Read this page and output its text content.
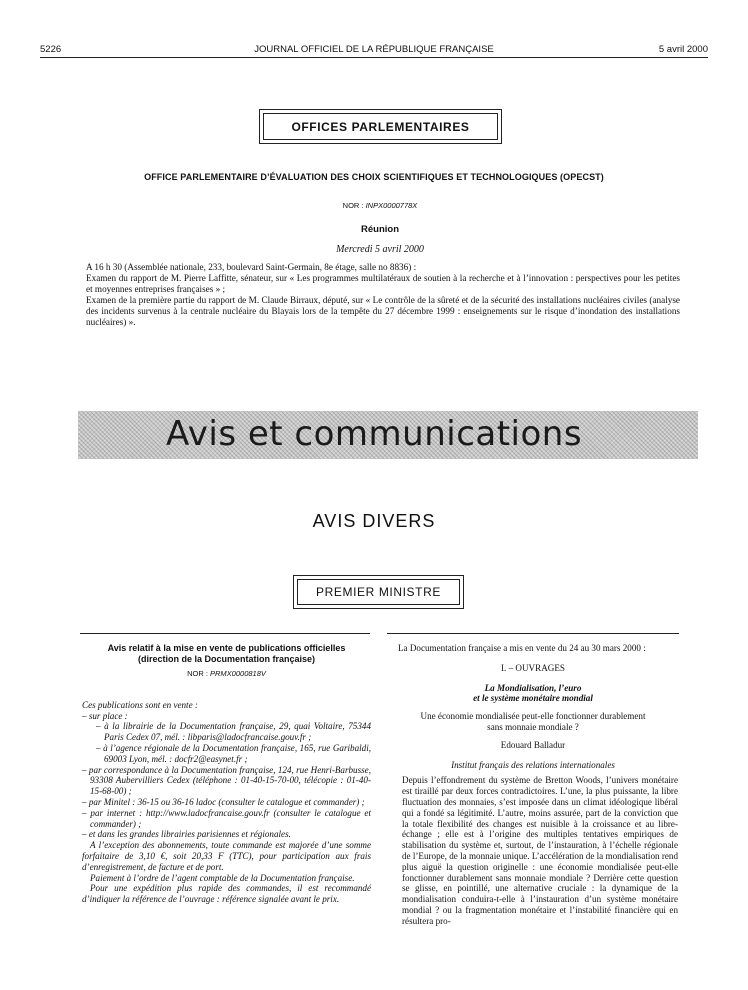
5226	JOURNAL OFFICIEL DE LA RÉPUBLIQUE FRANÇAISE	5 avril 2000
OFFICES PARLEMENTAIRES
OFFICE PARLEMENTAIRE D’ÉVALUATION DES CHOIX SCIENTIFIQUES ET TECHNOLOGIQUES (OPECST)
NOR : INPX0000778X
Réunion
Mercredi 5 avril 2000

A 16 h 30 (Assemblée nationale, 233, boulevard Saint-Germain, 8e étage, salle no 8836) :

Examen du rapport de M. Pierre Laffitte, sénateur, sur « Les programmes multilatéraux de soutien à la recherche et à l’innovation : perspectives pour les petites et moyennes entreprises françaises » ;

Examen de la première partie du rapport de M. Claude Birraux, député, sur « Le contrôle de la sûreté et de la sécurité des installations nucléaires civiles (analyse des incidents survenus à la centrale nucléaire du Blayais lors de la tempête du 27 décembre 1999 : enseignements sur le risque d’inondation des installations nucléaires) ».

Avis et communications
AVIS DIVERS
PREMIER MINISTRE
Avis relatif à la mise en vente de publications officielles
(direction de la Documentation française)
NOR : PRMX0000818V

Ces publications sont en vente :

– sur place :

– à la librairie de la Documentation française, 29, quai Voltaire, 75344 Paris Cedex 07, mél. : libparis@ladocfrancaise.gouv.fr ;

– à l’agence régionale de la Documentation française, 165, rue Garibaldi, 69003 Lyon, mél. : docfr2@easynet.fr ;

– par correspondance à la Documentation française, 124, rue Henri-Barbusse, 93308 Aubervilliers Cedex (téléphone : 01-40-15-70-00, télécopie : 01-40-15-68-00) ;

– par Minitel : 36-15 ou 36-16 ladoc (consulter le catalogue et commander) ;

– par internet : http://www.ladocfrancaise.gouv.fr (consulter le catalogue et commander) ;

– et dans les grandes librairies parisiennes et régionales.

A l’exception des abonnements, toute commande est majorée d’une somme forfaitaire de 3,10 €, soit 20,33 F (TTC), pour participation aux frais d’enregistrement, de facture et de port.

Paiement à l’ordre de l’agent comptable de la Documentation française.

Pour une expédition plus rapide des commandes, il est recommandé d’indiquer la référence de l’ouvrage : référence signalée avant le prix.

La Documentation française a mis en vente du 24 au 30 mars 2000 :

I. – OUVRAGES

La Mondialisation, l’euro

et le système monétaire mondial

Une économie mondialisée peut-elle fonctionner durablement

sans monnaie mondiale ?

Edouard Balladur

Institut français des relations internationales

Depuis l’effondrement du système de Bretton Woods, l’univers monétaire est tiraillé par deux forces contradictoires. L’une, la plus puissante, la libre fluctuation des monnaies, s’est imposée dans un climat idéologique libéral qui a fondé sa légitimité. L’autre, moins assurée, part de la conviction que la totale flexibilité des changes est nuisible à la croissance et au libre-échange ; elle est à l’origine des multiples tentatives empiriques de stabilisation du système et, surtout, de l’instauration, à l’échelle régionale de l’Europe, de la monnaie unique. L’accélération de la mondialisation rend plus aiguë la question originelle : une économie mondialisée peut-elle fonctionner durablement sans monnaie mondiale ? Derrière cette question se glisse, en pointillé, une alternative cruciale : la dynamique de la mondialisation conduira-t-elle à l’instauration d’un système monétaire mondial ? ou la fragmentation monétaire et l’instabilité financière qui en résultera pro-
